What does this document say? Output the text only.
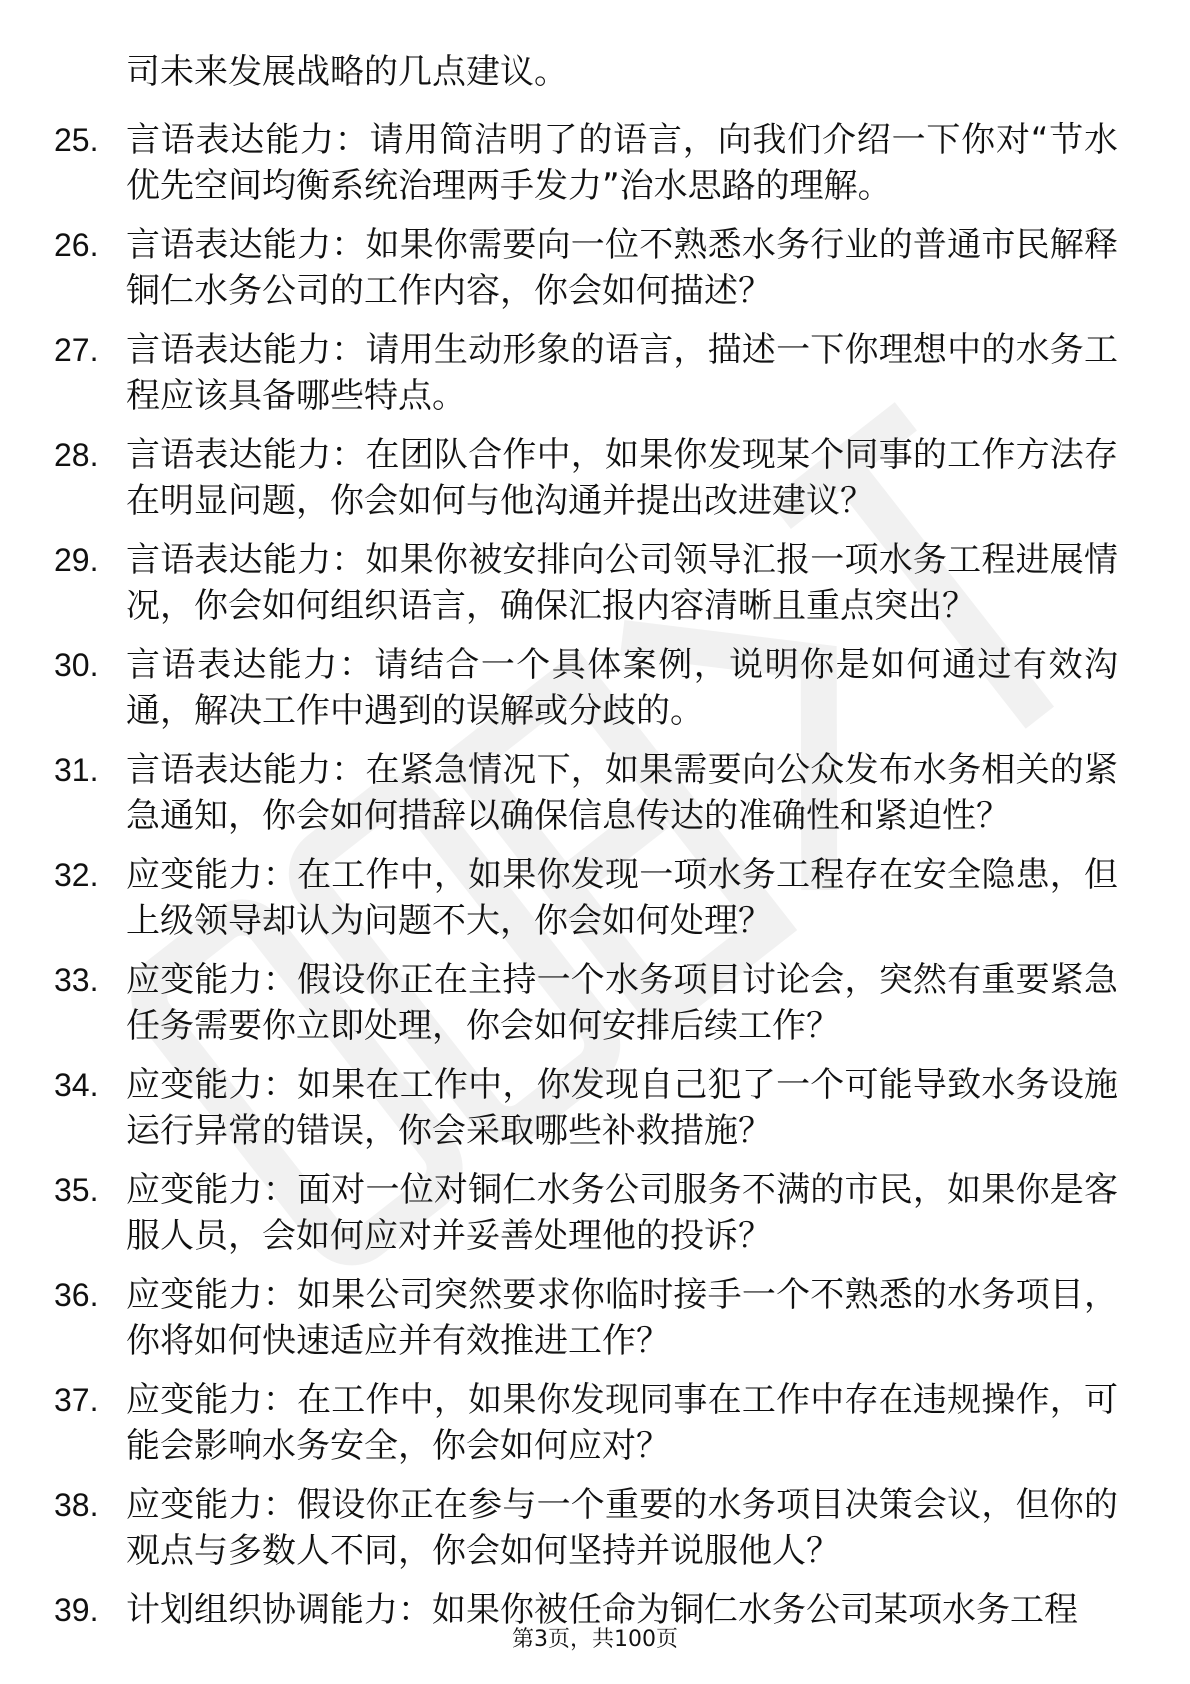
司未来发展战略的几点建议。
25. 言语表达能力：请用简洁明了的语言，向我们介绍一下你对“节水优先空间均衡系统治理两手发力”治水思路的理解。
26. 言语表达能力：如果你需要向一位不熟悉水务行业的普通市民解释铜仁水务公司的工作内容，你会如何描述？
27. 言语表达能力：请用生动形象的语言，描述一下你理想中的水务工程应该具备哪些特点。
28. 言语表达能力：在团队合作中，如果你发现某个同事的工作方法存在明显问题，你会如何与他沟通并提出改进建议？
29. 言语表达能力：如果你被安排向公司领导汇报一项水务工程进展情况，你会如何组织语言，确保汇报内容清晰且重点突出？
30. 言语表达能力：请结合一个具体案例，说明你是如何通过有效沟通，解决工作中遇到的误解或分歧的。
31. 言语表达能力：在紧急情况下，如果需要向公众发布水务相关的紧急通知，你会如何措辞以确保信息传达的准确性和紧迫性？
32. 应变能力：在工作中，如果你发现一项水务工程存在安全隐患，但上级领导却认为问题不大，你会如何处理？
33. 应变能力：假设你正在主持一个水务项目讨论会，突然有重要紧急任务需要你立即处理，你会如何安排后续工作？
34. 应变能力：如果在工作中，你发现自己犯了一个可能导致水务设施运行异常的错误，你会采取哪些补救措施？
35. 应变能力：面对一位对铜仁水务公司服务不满的市民，如果你是客服人员，会如何应对并妥善处理他的投诉？
36. 应变能力：如果公司突然要求你临时接手一个不熟悉的水务项目，你将如何快速适应并有效推进工作？
37. 应变能力：在工作中，如果你发现同事在工作中存在违规操作，可能会影响水务安全，你会如何应对？
38. 应变能力：假设你正在参与一个重要的水务项目决策会议，但你的观点与多数人不同，你会如何坚持并说服他人？
39. 计划组织协调能力：如果你被任命为铜仁水务公司某项水务工程
第3页，共100页
